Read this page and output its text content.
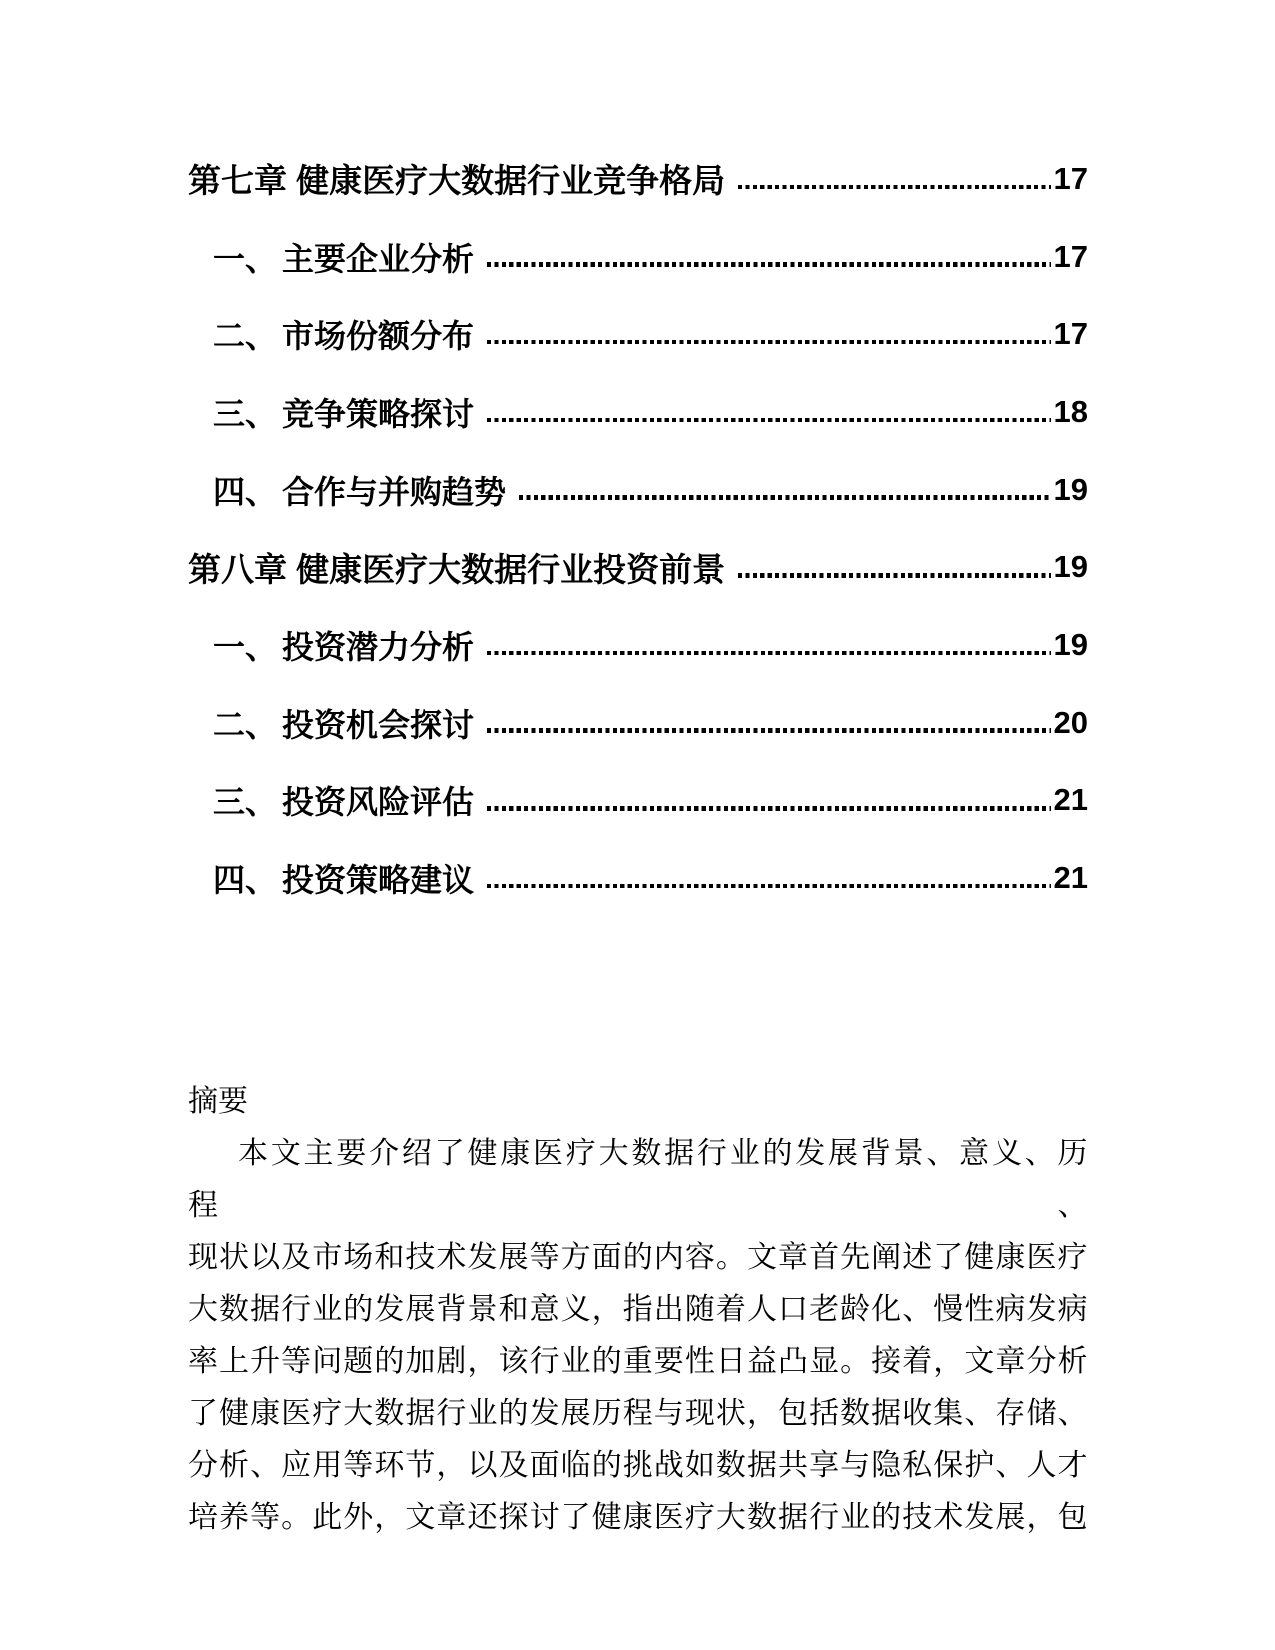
第七章 健康医疗大数据行业竞争格局	17
一、 主要企业分析	17
二、 市场份额分布	17
三、 竞争策略探讨	18
四、 合作与并购趋势	19
第八章 健康医疗大数据行业投资前景	19
一、 投资潜力分析	19
二、 投资机会探讨	20
三、 投资风险评估	21
四、 投资策略建议	21
摘要
本文主要介绍了健康医疗大数据行业的发展背景、意义、历程、
现状以及市场和技术发展等方面的内容。文章首先阐述了健康医疗
大数据行业的发展背景和意义，指出随着人口老龄化、慢性病发病
率上升等问题的加剧，该行业的重要性日益凸显。接着，文章分析
了健康医疗大数据行业的发展历程与现状，包括数据收集、存储、
分析、应用等环节，以及面临的挑战如数据共享与隐私保护、人才
培养等。此外，文章还探讨了健康医疗大数据行业的技术发展，包
